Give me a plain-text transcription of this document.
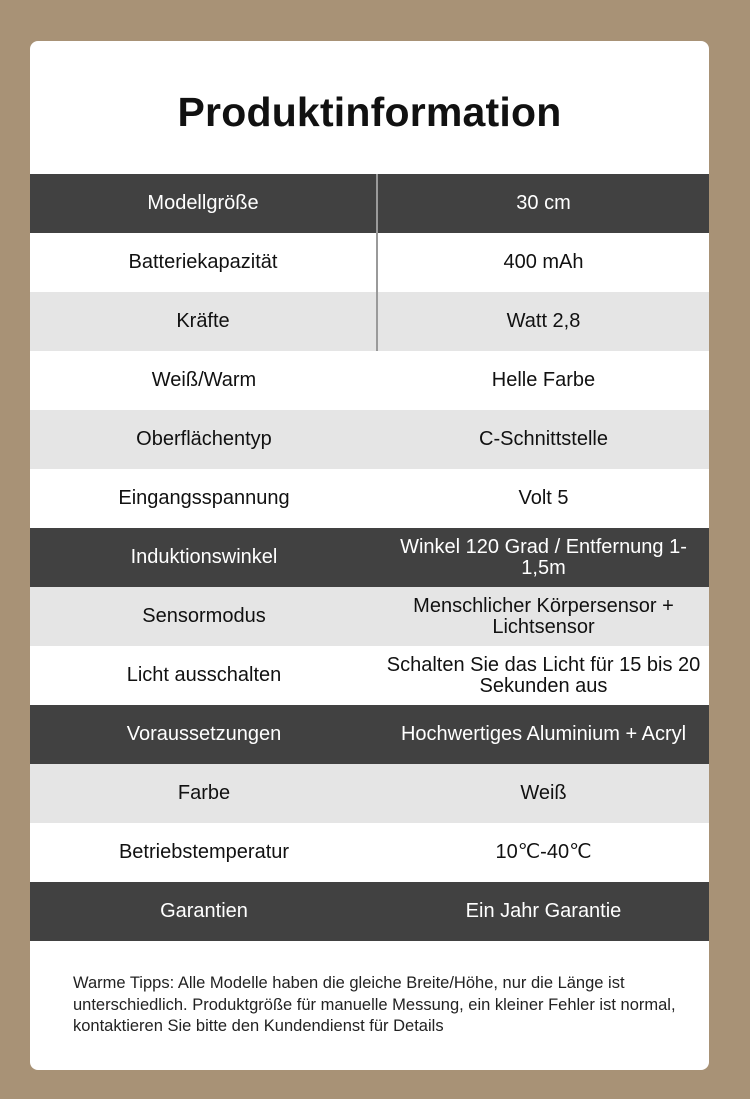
Produktinformation
Modellgröße	30 cm
Batteriekapazität	400 mAh
Kräfte	Watt 2,8
Weiß/Warm	Helle Farbe
Oberflächentyp	C-Schnittstelle
Eingangsspannung	Volt 5
Induktionswinkel	Winkel 120 Grad / Entfernung 1-1,5m
Sensormodus	Menschlicher Körpersensor + Lichtsensor
Licht ausschalten	Schalten Sie das Licht für 15 bis 20 Sekunden aus
Voraussetzungen	Hochwertiges Aluminium + Acryl
Farbe	Weiß
Betriebstemperatur	10℃-40℃
Garantien	Ein Jahr Garantie
Warme Tipps: Alle Modelle haben die gleiche Breite/Höhe, nur die Länge ist unterschiedlich. Produktgröße für manuelle Messung, ein kleiner Fehler ist normal, kontaktieren Sie bitte den Kundendienst für Details
